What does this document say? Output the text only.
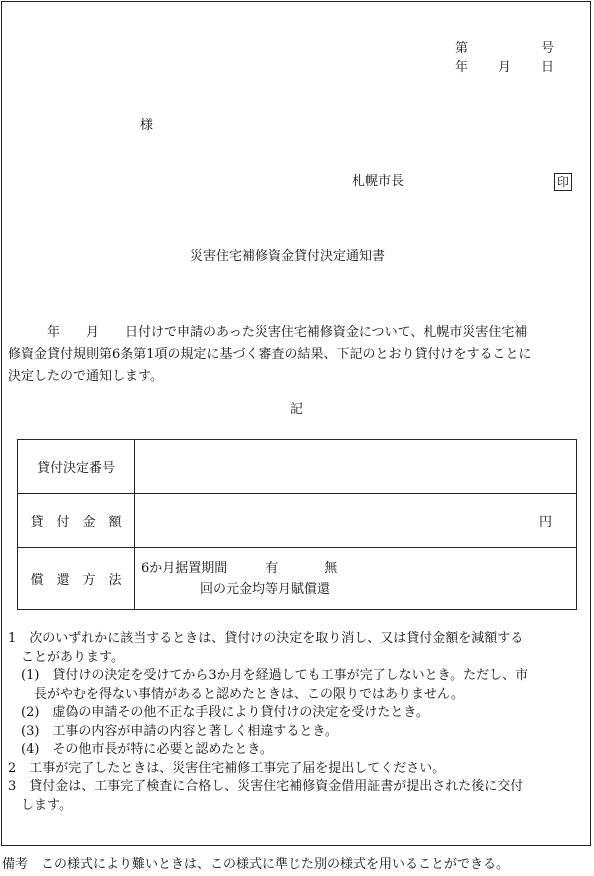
第	号
年 月 日
様
札幌市長	印
災害住宅補修資金貸付決定通知書

年　　月　　日付けで申請のあった災害住宅補修資金について、札幌市災害住宅補

修資金貸付規則第6条第1項の規定に基づく審査の結果、下記のとおり貸付けをすることに

決定したので通知します。

記
貸付決定番号	
貸　付　金　額	円
償　還　方　法	6か月据置期間 有 無
回の元金均等月賦償還
1　次のいずれかに該当するときは、貸付けの決定を取り消し、又は貸付金額を減額する
　ことがあります。
　(1)　貸付けの決定を受けてから3か月を経過しても工事が完了しないとき。ただし、市
　　長がやむを得ない事情があると認めたときは、この限りではありません。
　(2)　虚偽の申請その他不正な手段により貸付けの決定を受けたとき。
　(3)　工事の内容が申請の内容と著しく相違するとき。
　(4)　その他市長が特に必要と認めたとき。
2　工事が完了したときは、災害住宅補修工事完了届を提出してください。
3　貸付金は、工事完了検査に合格し、災害住宅補修資金借用証書が提出された後に交付
　します。
備考　この様式により難いときは、この様式に準じた別の様式を用いることができる。
